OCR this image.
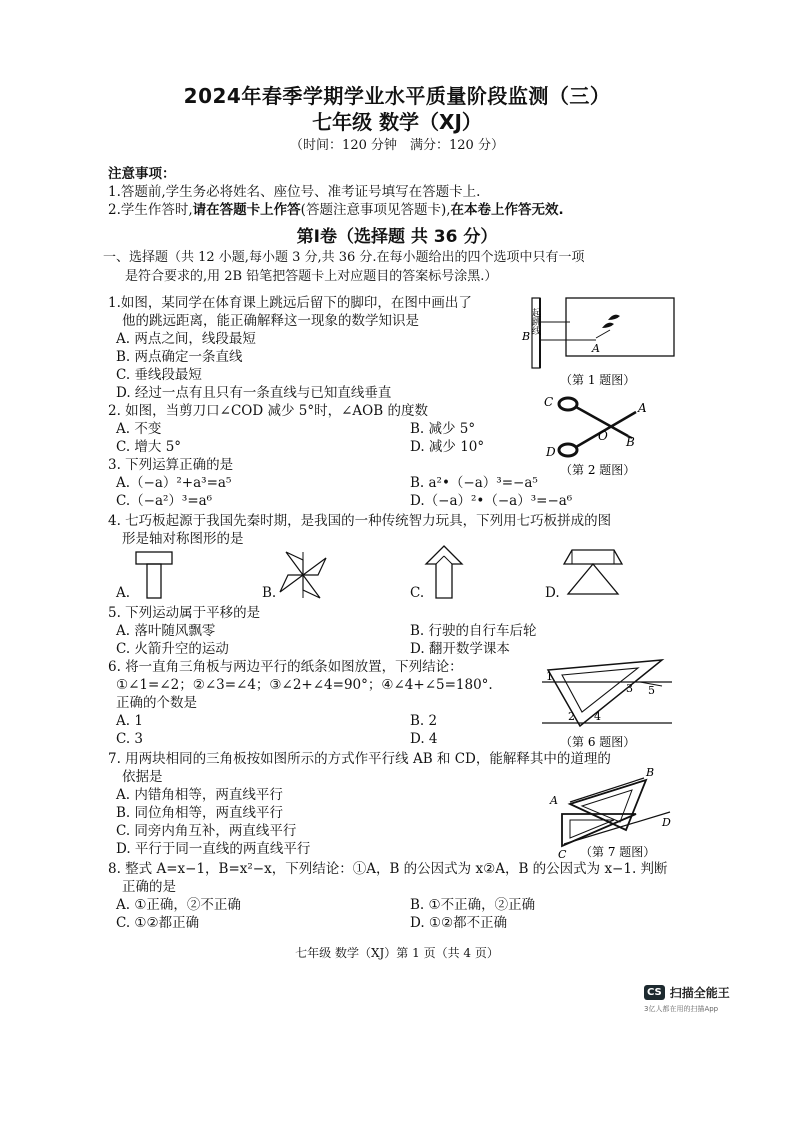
2024年春季学期学业水平质量阶段监测（三）
七年级 数学（XJ）
（时间：120 分钟　满分：120 分）
注意事项：
1.答题前,学生务必将姓名、座位号、准考证号填写在答题卡上.
2.学生作答时,请在答题卡上作答(答题注意事项见答题卡),在本卷上作答无效.
第Ⅰ卷（选择题 共 36 分）
一、选择题（共 12 小题,每小题 3 分,共 36 分.在每小题给出的四个选项中只有一项
是符合要求的,用 2B 铅笔把答题卡上对应题目的答案标号涂黑.）
1.如图，某同学在体育课上跳远后留下的脚印，在图中画出了
他的跳远距离，能正确解释这一现象的数学知识是
A. 两点之间，线段最短
B. 两点确定一条直线
C. 垂线段最短
D. 经过一点有且只有一条直线与已知直线垂直
起跳线
B
A
（第 1 题图）
2. 如图，当剪刀口∠COD 减少 5°时，∠AOB 的度数
A. 不变	B. 减少 5°
C. 增大 5°	D. 减少 10°
C	A
O B
D
（第 2 题图）
3. 下列运算正确的是
A.（−a）²+a³=a⁵	B. a²•（−a）³=−a⁵
C.（−a²）³=a⁶	D.（−a）²•（−a）³=−a⁶
4. 七巧板起源于我国先秦时期，是我国的一种传统智力玩具，下列用七巧板拼成的图
形是轴对称图形的是
A.	B.	C.	D.
5. 下列运动属于平移的是
A. 落叶随风飘零	B. 行驶的自行车后轮
C. 火箭升空的运动	D. 翻开数学课本
6. 将一直角三角板与两边平行的纸条如图放置，下列结论：
①∠1=∠2；②∠3=∠4；③∠2+∠4=90°；④∠4+∠5=180°.
正确的个数是
A. 1	B. 2
C. 3	D. 4
1
2
3
4
5
（第 6 题图）
7. 用两块相同的三角板按如图所示的方式作平行线 AB 和 CD，能解释其中的道理的
依据是
A. 内错角相等，两直线平行
B. 同位角相等，两直线平行
C. 同旁内角互补，两直线平行
D. 平行于同一直线的两直线平行
A
B
C
D
（第 7 题图）
8. 整式 A=x−1，B=x²−x，下列结论：①A，B 的公因式为 x②A，B 的公因式为 x−1. 判断
正确的是
A. ①正确，②不正确	B. ①不正确，②正确
C. ①②都正确	D. ①②都不正确
七年级 数学（XJ）第 1 页（共 4 页）
CS 扫描全能王
3亿人都在用的扫描App
